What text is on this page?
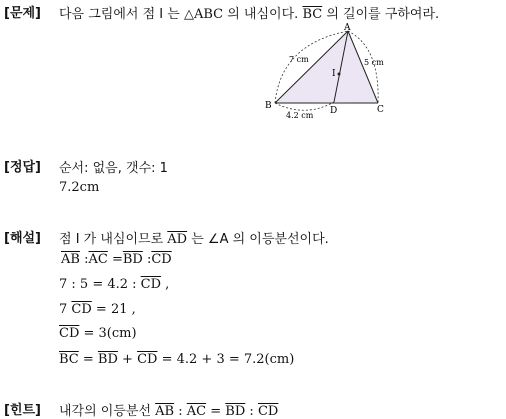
[문제] 다음 그림에서 점 I 는 △ABC 의 내심이다. $\overline{BC}$ 의 길이를 구하여라.
A
B	C
D
I
7 cm	5 cm
4.2 cm
[정답] 순서: 없음, 갯수: 1
7.2cm
[해설] 점 I 가 내심이므로 $\overline{AD}$ 는 ∠A 의 이등분선이다.
$\overline{AB}$ $:\overline{AC} =\overline{BD}$ $:\overline{CD}$
7 : 5 = 4.2 : $\overline{CD}$ ,
7 $\overline{CD} = 21$ ,
$\overline{CD} = 3(cm)$
$\overline{BC} = \overline{BD} + \overline{CD} = 4.2 + 3 = 7.2(cm)$
[힌트] 내각의 이등분선 $\overline{AB}$ : $\overline{AC} = \overline{BD}$ : $\overline{CD}$
